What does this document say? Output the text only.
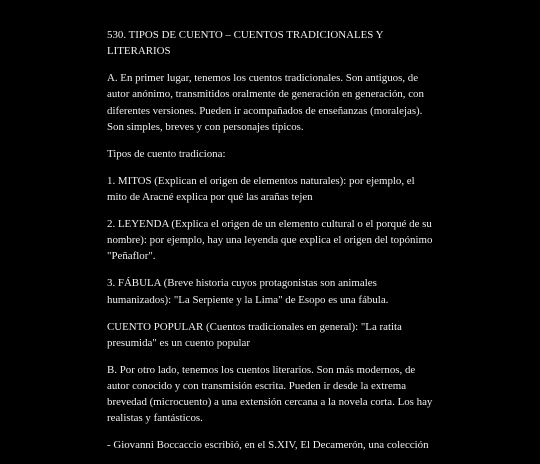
530. TIPOS DE CUENTO – CUENTOS TRADICIONALES Y LITERARIOS

A. En primer lugar, tenemos los cuentos tradicionales. Son antiguos, de autor anónimo, transmitidos oralmente de generación en generación, con diferentes versiones. Pueden ir acompañados de enseñanzas (moralejas). Son simples, breves y con personajes típicos.

Tipos de cuento tradiciona:

1. MITOS (Explican el origen de elementos naturales): por ejemplo, el mito de Aracné explica por qué las arañas tejen

2. LEYENDA (Explica el origen de un elemento cultural o el porqué de su nombre): por ejemplo, hay una leyenda que explica el origen del topónimo "Peñaflor".

3. FÁBULA (Breve historia cuyos protagonistas son animales humanizados): "La Serpiente y la Lima" de Esopo es una fábula.

CUENTO POPULAR (Cuentos tradicionales en general): "La ratita presumida" es un cuento popular

B. Por otro lado, tenemos los cuentos literarios. Son más modernos, de autor conocido y con transmisión escrita. Pueden ir desde la extrema brevedad (microcuento) a una extensión cercana a la novela corta. Los hay realistas y fantásticos.

- Giovanni Boccaccio escribió, en el S.XIV, El Decamerón, una colección
